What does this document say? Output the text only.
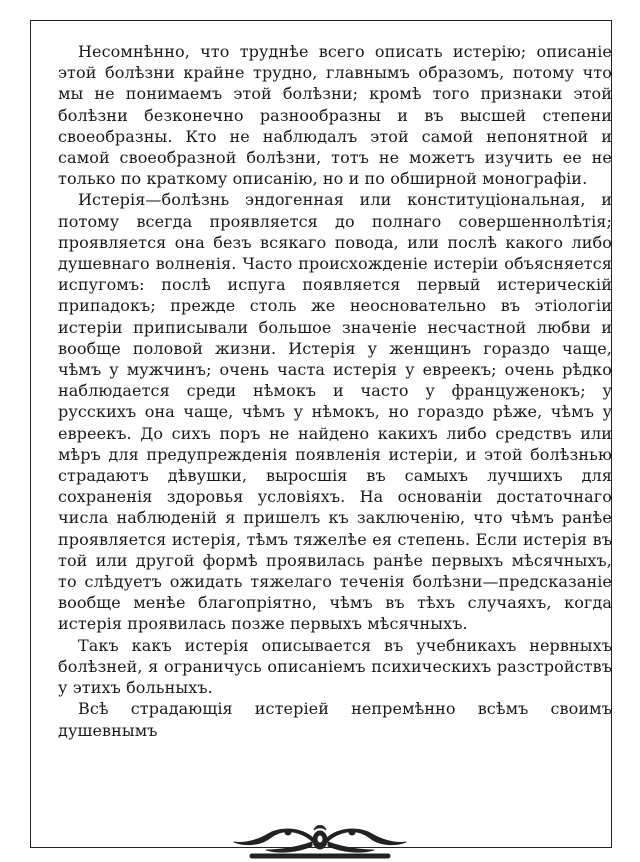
Несомнѣнно, что труднѣе всего описать истерію; описаніе этой болѣзни крайне трудно, главнымъ образомъ, потому что мы не понимаемъ этой болѣзни; кромѣ того признаки этой болѣзни безконечно разнообразны и въ высшей степени своеобразны. Кто не наблюдалъ этой самой непонятной и самой своеобразной болѣзни, тотъ не можетъ изучить ее не только по краткому описанію, но и по обширной монографіи.

Истерія—болѣзнь эндогенная или конституціональная, и потому всегда проявляется до полнаго совершеннолѣтія; проявляется она безъ всякаго повода, или послѣ какого либо душевнаго волненія. Часто происхожденіе истеріи объясняется испугомъ: послѣ испуга появляется первый истерическій припадокъ; прежде столь же неосновательно въ этіологіи истеріи приписывали большое значеніе несчастной любви и вообще половой жизни. Истерія у женщинъ гораздо чаще, чѣмъ у мужчинъ; очень часта истерія у евреекъ; очень рѣдко наблюдается среди нѣмокъ и часто у француженокъ; у русскихъ она чаще, чѣмъ у нѣмокъ, но гораздо рѣже, чѣмъ у евреекъ. До сихъ поръ не найдено какихъ либо средствъ или мѣръ для предупрежденія появленія истеріи, и этой болѣзнью страдаютъ дѣвушки, выросшія въ самыхъ лучшихъ для сохраненія здоровья условіяхъ. На основаніи достаточнаго числа наблюденій я пришелъ къ заключенію, что чѣмъ ранѣе проявляется истерія, тѣмъ тяжелѣе ея степень. Если истерія въ той или другой формѣ проявилась ранѣе первыхъ мѣсячныхъ, то слѣдуетъ ожидать тяжелаго теченія болѣзни—предсказаніе вообще менѣе благопріятно, чѣмъ въ тѣхъ случаяхъ, когда истерія проявилась позже первыхъ мѣсячныхъ.

Такъ какъ истерія описывается въ учебникахъ нервныхъ болѣзней, я ограничусь описаніемъ психическихъ разстройствъ у этихъ больныхъ.

Всѣ страдающія истеріей непремѣнно всѣмъ своимъ душевнымъ
